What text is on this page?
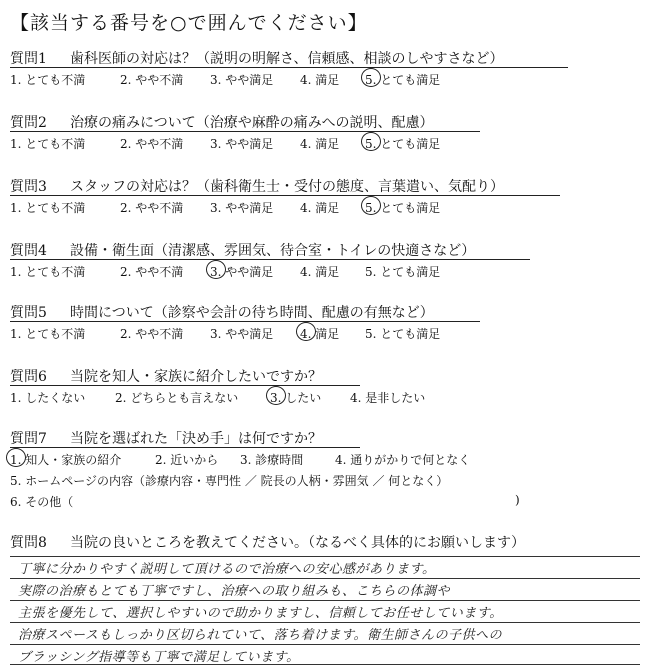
【該当する番号を○で囲んでください】
質問1 歯科医師の対応は？（説明の明解さ、信頼感、相談のしやすさなど）
1. とても不満	2. やや不満 3. やや満足 4. 満足 5. とても満足
質問2 治療の痛みについて（治療や麻酔の痛みへの説明、配慮）
1. とても不満	2. やや不満 3. やや満足 4. 満足 5. とても満足
質問3 スタッフの対応は？（歯科衛生士・受付の態度、言葉遣い、気配り）
1. とても不満	2. やや不満 3. やや満足 4. 満足 5. とても満足
質問4 設備・衛生面（清潔感、雰囲気、待合室・トイレの快適さなど）
1. とても不満	2. やや不満 3. やや満足 4. 満足 5. とても満足
質問5 時間について（診察や会計の待ち時間、配慮の有無など）
1. とても不満	2. やや不満 3. やや満足 4. 満足 5. とても満足
質問6 当院を知人・家族に紹介したいですか？
1. したくない 2. どちらとも言えない	3. したい 4. 是非したい
質問7 当院を選ばれた「決め手」は何ですか？
1. 知人・家族の紹介	2. 近いから 3. 診療時間	4. 通りがかりで何となく
5. ホームページの内容（診療内容・専門性 ／ 院長の人柄・雰囲気 ／ 何となく）
6. その他（	)
質問8 当院の良いところを教えてください。（なるべく具体的にお願いします）
丁寧に分かりやすく説明して頂けるので治療への安心感があります。
実際の治療もとても丁寧ですし、治療への取り組みも、こちらの体調や
主張を優先して、選択しやすいので助かりますし、信頼してお任せしています。
治療スペースもしっかり区切られていて、落ち着けます。衛生師さんの子供への
ブラッシング指導等も丁寧で満足しています。
